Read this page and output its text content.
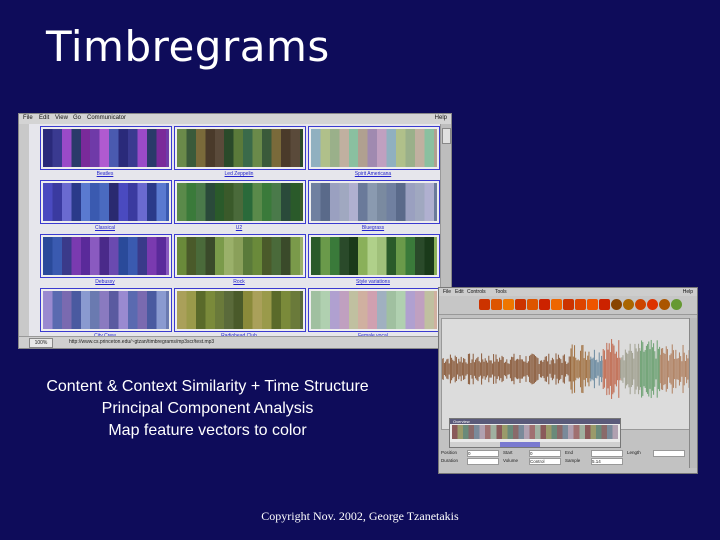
Timbregrams
File Edit View Go Communicator	Help
Beatles	Led Zeppelin	Spirit Americana
Classical	U2	Bluegrass
Debussy	Rock	Style variations
100%	http://www.cs.princeton.edu/~gtzan/timbregrams/mp3scr/test.mp3
File Edit Controls Tools	Help
Overview
Position 0	Start	0	End	Length
Duration	Volume	Control	Sample	5.14
Content & Context Similarity + Time Structure
Principal Component Analysis
Map feature vectors to color
Copyright Nov. 2002, George Tzanetakis
